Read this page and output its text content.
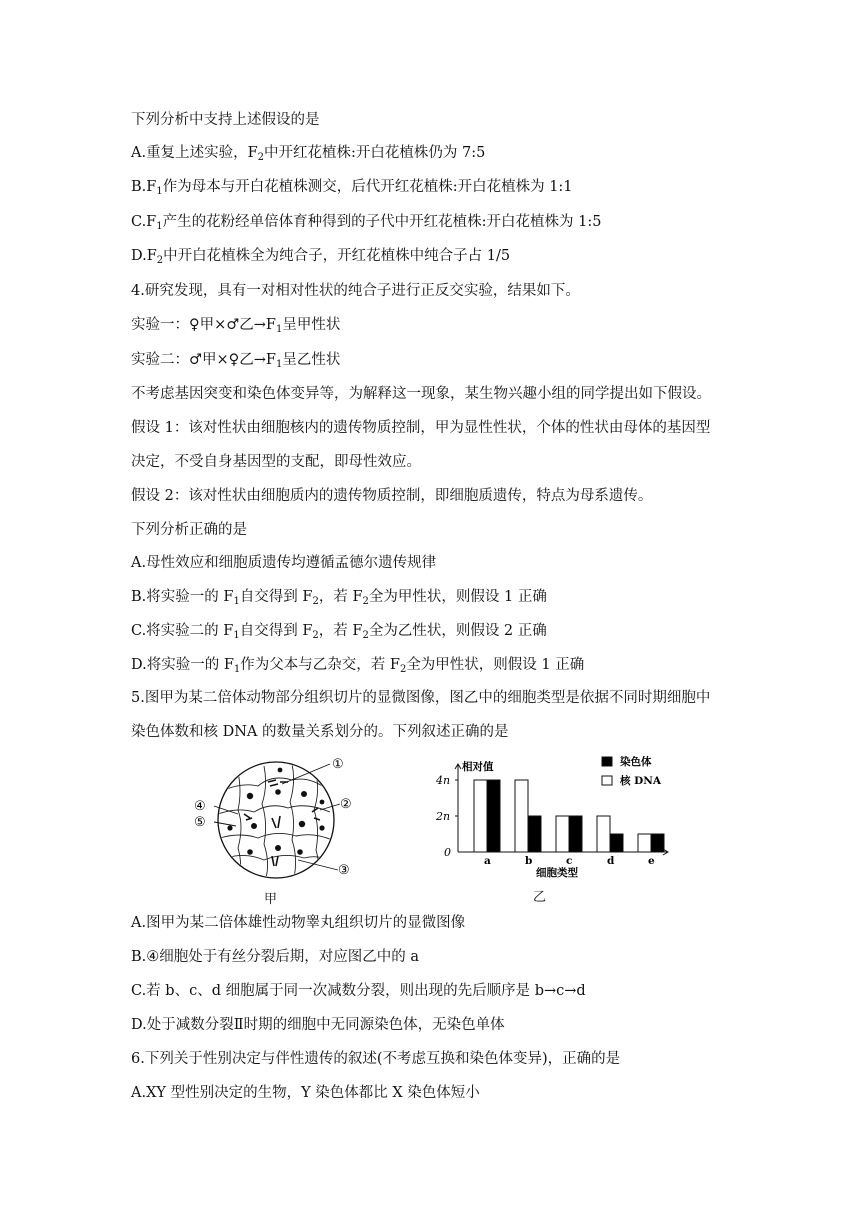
下列分析中支持上述假设的是
A.重复上述实验，$F_2$中开红花植株:开白花植株仍为 7:5
$B.F_1$作为母本与开白花植株测交，后代开红花植株:开白花植株为 1:1
$C.F_1$产生的花粉经单倍体育种得到的子代中开红花植株:开白花植株为 1:5
$D.F_2$中开白花植株全为纯合子，开红花植株中纯合子占 1/5
4.研究发现，具有一对相对性状的纯合子进行正反交实验，结果如下。
实验一：♀甲×♂乙$\to F_1$呈甲性状
实验二：♂甲×♀乙$\to F_1$呈乙性状
不考虑基因突变和染色体变异等，为解释这一现象，某生物兴趣小组的同学提出如下假设。
假设 1：该对性状由细胞核内的遗传物质控制，甲为显性性状，个体的性状由母体的基因型
决定，不受自身基因型的支配，即母性效应。
假设 2：该对性状由细胞质内的遗传物质控制，即细胞质遗传，特点为母系遗传。
下列分析正确的是
A.母性效应和细胞质遗传均遵循孟德尔遗传规律
B.将实验一的 $F_1$自交得到 $F_2$，若 $F_2$全为甲性状，则假设 1 正确
C.将实验二的 $F_1$自交得到 $F_2$，若 $F_2$全为乙性状，则假设 2 正确
D.将实验一的 $F_1$作为父本与乙杂交，若 $F_2$全为甲性状，则假设 1 正确
5.图甲为某二倍体动物部分组织切片的显微图像，图乙中的细胞类型是依据不同时期细胞中
染色体数和核 DNA 的数量关系划分的。下列叙述正确的是
A.图甲为某二倍体雄性动物睾丸组织切片的显微图像
B.④细胞处于有丝分裂后期，对应图乙中的 a
C.若 b、c、d 细胞属于同一次减数分裂，则出现的先后顺序是 b→c→d
D.处于减数分裂Ⅱ时期的细胞中无同源染色体，无染色单体
6.下列关于性别决定与伴性遗传的叙述(不考虑互换和染色体变异)，正确的是
A.XY 型性别决定的生物，Y 染色体都比 X 染色体短小
①
②
③
④
⑤
甲
相对值
0
2n
4n
a	b	c	d	e
细胞类型
染色体
核 DNA
乙
